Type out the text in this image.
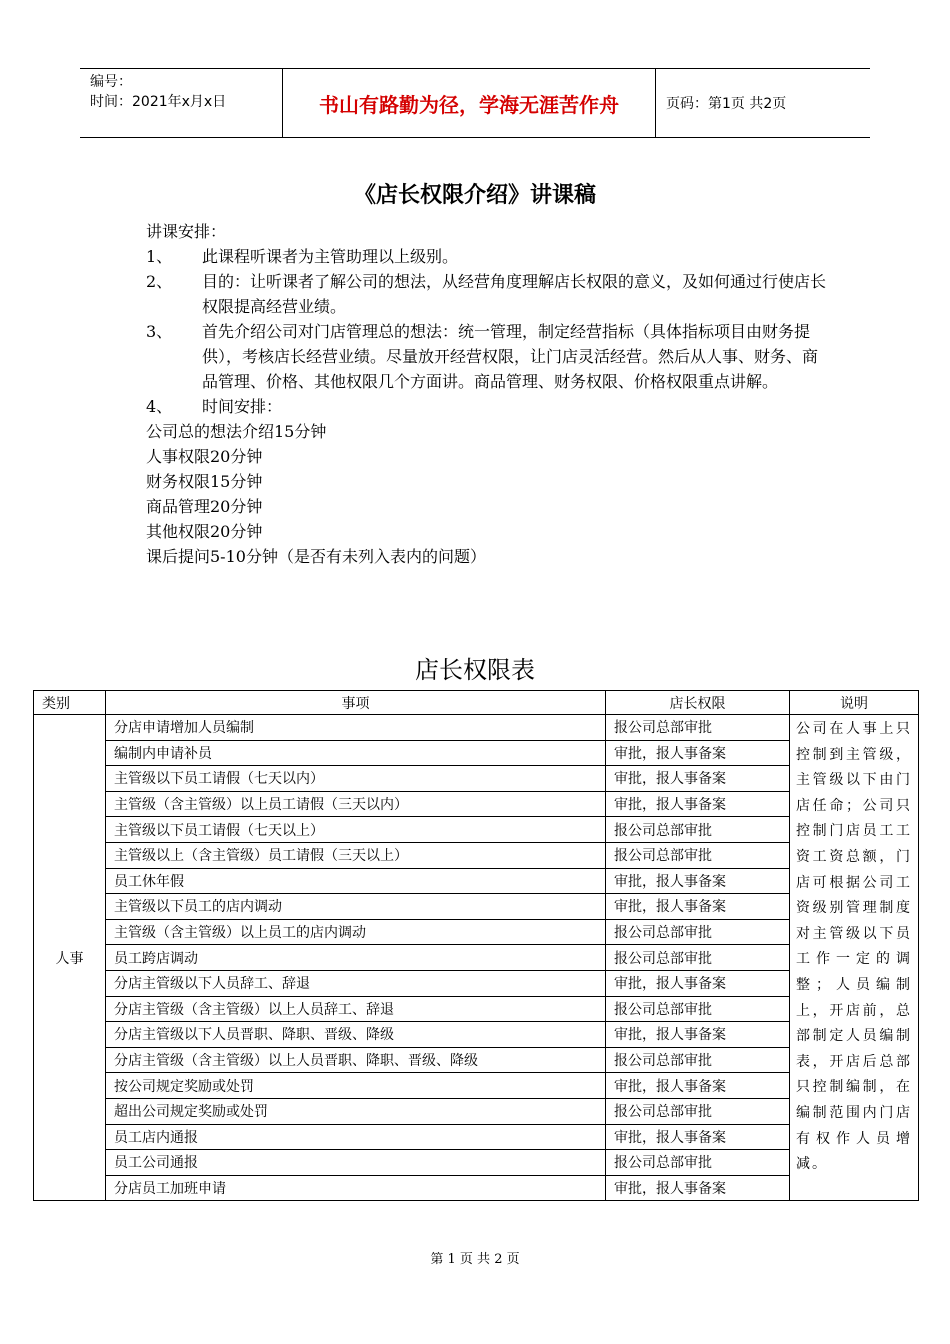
编号：
时间：2021年x月x日	书山有路勤为径，学海无涯苦作舟	页码：第1页 共2页
《店长权限介绍》讲课稿
讲课安排：
1、	此课程听课者为主管助理以上级别。
2、	目的：让听课者了解公司的想法，从经营角度理解店长权限的意义，及如何通过行使店长权限提高经营业绩。
3、	首先介绍公司对门店管理总的想法：统一管理，制定经营指标（具体指标项目由财务提供），考核店长经营业绩。尽量放开经营权限，让门店灵活经营。然后从人事、财务、商品管理、价格、其他权限几个方面讲。商品管理、财务权限、价格权限重点讲解。
4、	时间安排：
公司总的想法介绍15分钟
人事权限20分钟
财务权限15分钟
商品管理20分钟
其他权限20分钟
课后提问5-10分钟（是否有未列入表内的问题）
店长权限表
类别	事项	店长权限	说明
人事	分店申请增加人员编制	报公司总部审批	公司在人事上只控制到主管级，主管级以下由门店任命；公司只控制门店员工工资工资总额，门店可根据公司工资级别管理制度对主管级以下员工作一定的调整；人员编制上，开店前，总部制定人员编制表，开店后总部只控制编制，在编制范围内门店有权作人员增减。
	编制内申请补员	审批，报人事备案	
	主管级以下员工请假（七天以内）	审批，报人事备案	
	主管级（含主管级）以上员工请假（三天以内）	审批，报人事备案	
	主管级以下员工请假（七天以上）	报公司总部审批	
	主管级以上（含主管级）员工请假（三天以上）	报公司总部审批	
	员工休年假	审批，报人事备案	
	主管级以下员工的店内调动	审批，报人事备案	
	主管级（含主管级）以上员工的店内调动	报公司总部审批	
	员工跨店调动	报公司总部审批	
	分店主管级以下人员辞工、辞退	审批，报人事备案	
	分店主管级（含主管级）以上人员辞工、辞退	报公司总部审批	
	分店主管级以下人员晋职、降职、晋级、降级	审批，报人事备案	
	分店主管级（含主管级）以上人员晋职、降职、晋级、降级	报公司总部审批	
	按公司规定奖励或处罚	审批，报人事备案	
	超出公司规定奖励或处罚	报公司总部审批	
	员工店内通报	审批，报人事备案	
	员工公司通报	报公司总部审批	
	分店员工加班申请	审批，报人事备案	
第 1 页 共 2 页
